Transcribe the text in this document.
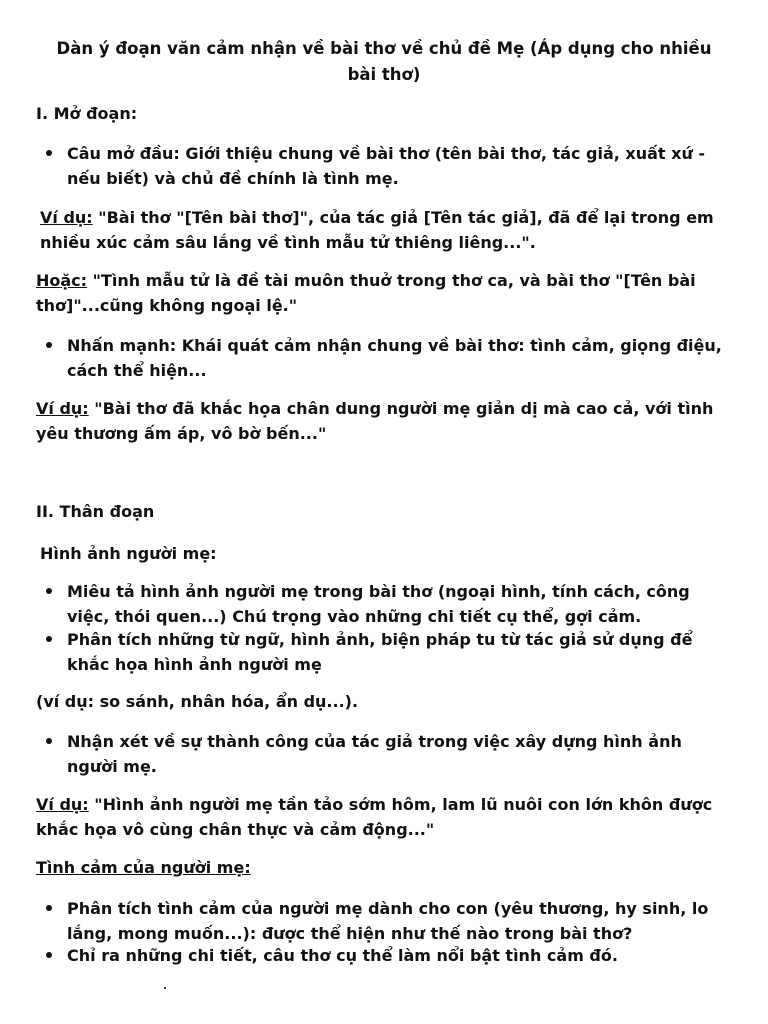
Dàn ý đoạn văn cảm nhận về bài thơ về chủ đề Mẹ (Áp dụng cho nhiều bài thơ)
I. Mở đoạn:
Câu mở đầu: Giới thiệu chung về bài thơ (tên bài thơ, tác giả, xuất xứ - nếu biết) và chủ đề chính là tình mẹ.
Ví dụ: "Bài thơ "[Tên bài thơ]", của tác giả [Tên tác giả], đã để lại trong em nhiều xúc cảm sâu lắng về tình mẫu tử thiêng liêng...".
Hoặc: "Tình mẫu tử là đề tài muôn thuở trong thơ ca, và bài thơ "[Tên bài thơ]"...cũng không ngoại lệ."
Nhấn mạnh: Khái quát cảm nhận chung về bài thơ: tình cảm, giọng điệu, cách thể hiện...
Ví dụ: "Bài thơ đã khắc họa chân dung người mẹ giản dị mà cao cả, với tình yêu thương ấm áp, vô bờ bến..."
II. Thân đoạn
Hình ảnh người mẹ:
Miêu tả hình ảnh người mẹ trong bài thơ (ngoại hình, tính cách, công việc, thói quen...) Chú trọng vào những chi tiết cụ thể, gợi cảm.
Phân tích những từ ngữ, hình ảnh, biện pháp tu từ tác giả sử dụng để khắc họa hình ảnh người mẹ
(ví dụ: so sánh, nhân hóa, ẩn dụ...).
Nhận xét về sự thành công của tác giả trong việc xây dựng hình ảnh người mẹ.
Ví dụ: "Hình ảnh người mẹ tần tảo sớm hôm, lam lũ nuôi con lớn khôn được khắc họa vô cùng chân thực và cảm động..."
Tình cảm của người mẹ:
Phân tích tình cảm của người mẹ dành cho con (yêu thương, hy sinh, lo lắng, mong muốn...): được thể hiện như thế nào trong bài thơ?
Chỉ ra những chi tiết, câu thơ cụ thể làm nổi bật tình cảm đó.
